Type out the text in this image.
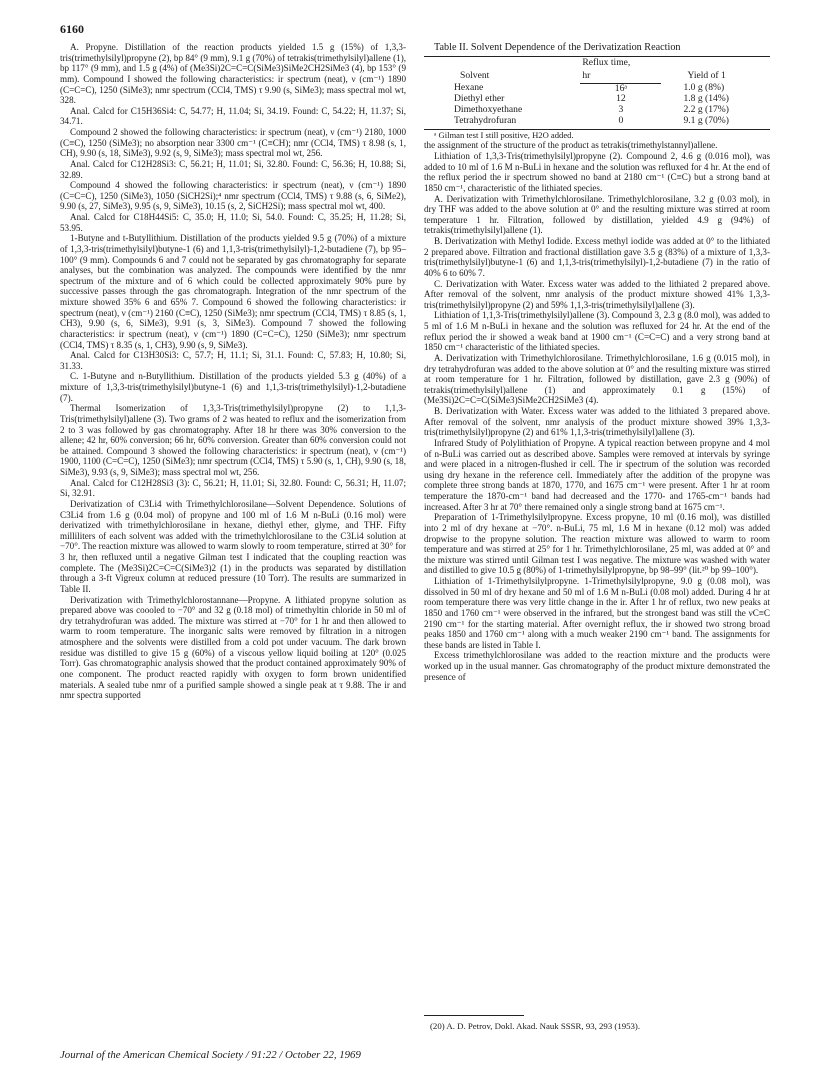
6160

A. Propyne. Distillation of the reaction products yielded 1.5 g (15%) of 1,3,3-tris(trimethylsilyl)propyne (2), bp 84° (9 mm), 9.1 g (70%) of tetrakis(trimethylsilyl)allene (1), bp 117° (9 mm), and 1.5 g (4%) of (Me3Si)2C=C=C(SiMe3)SiMe2CH2SiMe3 (4), bp 153° (9 mm). Compound I showed the following characteristics: ir spectrum (neat), ν (cm⁻¹) 1890 (C=C=C), 1250 (SiMe3); nmr spectrum (CCl4, TMS) τ 9.90 (s, SiMe3); mass spectral mol wt, 328.

Anal. Calcd for C15H36Si4: C, 54.77; H, 11.04; Si, 34.19. Found: C, 54.22; H, 11.37; Si, 34.71.

Compound 2 showed the following characteristics: ir spectrum (neat), ν (cm⁻¹) 2180, 1000 (C≡C), 1250 (SiMe3); no absorption near 3300 cm⁻¹ (C≡CH); nmr (CCl4, TMS) τ 8.98 (s, 1, CH), 9.90 (s, 18, SiMe3), 9.92 (s, 9, SiMe3); mass spectral mol wt, 256.

Anal. Calcd for C12H28Si3: C, 56.21; H, 11.01; Si, 32.80. Found: C, 56.36; H, 10.88; Si, 32.89.

Compound 4 showed the following characteristics: ir spectrum (neat), ν (cm⁻¹) 1890 (C=C=C), 1250 (SiMe3), 1050 (SiCH2Si);⁴ nmr spectrum (CCl4, TMS) τ 9.88 (s, 6, SiMe2), 9.90 (s, 27, SiMe3), 9.95 (s, 9, SiMe3), 10.15 (s, 2, SiCH2Si); mass spectral mol wt, 400.

Anal. Calcd for C18H44Si5: C, 35.0; H, 11.0; Si, 54.0. Found: C, 35.25; H, 11.28; Si, 53.95.

1-Butyne and t-Butyllithium. Distillation of the products yielded 9.5 g (70%) of a mixture of 1,3,3-tris(trimethylsilyl)butyne-1 (6) and 1,1,3-tris(trimethylsilyl)-1,2-butadiene (7), bp 95–100° (9 mm). Compounds 6 and 7 could not be separated by gas chromatography for separate analyses, but the combination was analyzed. The compounds were identified by the nmr spectrum of the mixture and of 6 which could be collected approximately 90% pure by successive passes through the gas chromatograph. Integration of the nmr spectrum of the mixture showed 35% 6 and 65% 7. Compound 6 showed the following characteristics: ir spectrum (neat), ν (cm⁻¹) 2160 (C≡C), 1250 (SiMe3); nmr spectrum (CCl4, TMS) τ 8.85 (s, 1, CH3), 9.90 (s, 6, SiMe3), 9.91 (s, 3, SiMe3). Compound 7 showed the following characteristics: ir spectrum (neat), ν (cm⁻¹) 1890 (C=C=C), 1250 (SiMe3); nmr spectrum (CCl4, TMS) τ 8.35 (s, 1, CH3), 9.90 (s, 9, SiMe3).

Anal. Calcd for C13H30Si3: C, 57.7; H, 11.1; Si, 31.1. Found: C, 57.83; H, 10.80; Si, 31.33.

C. 1-Butyne and n-Butyllithium. Distillation of the products yielded 5.3 g (40%) of a mixture of 1,3,3-tris(trimethylsilyl)butyne-1 (6) and 1,1,3-tris(trimethylsilyl)-1,2-butadiene (7).

Thermal Isomerization of 1,3,3-Tris(trimethylsilyl)propyne (2) to 1,1,3-Tris(trimethylsilyl)allene (3). Two grams of 2 was heated to reflux and the isomerization from 2 to 3 was followed by gas chromatography. After 18 hr there was 30% conversion to the allene; 42 hr, 60% conversion; 66 hr, 60% conversion. Greater than 60% conversion could not be attained. Compound 3 showed the following characteristics: ir spectrum (neat), ν (cm⁻¹) 1900, 1100 (C=C=C), 1250 (SiMe3); nmr spectrum (CCl4, TMS) τ 5.90 (s, 1, CH), 9.90 (s, 18, SiMe3), 9.93 (s, 9, SiMe3); mass spectral mol wt, 256.

Anal. Calcd for C12H28Si3 (3): C, 56.21; H, 11.01; Si, 32.80. Found: C, 56.31; H, 11.07; Si, 32.91.

Derivatization of C3Li4 with Trimethylchlorosilane—Solvent Dependence. Solutions of C3Li4 from 1.6 g (0.04 mol) of propyne and 100 ml of 1.6 M n-BuLi (0.16 mol) were derivatized with trimethylchlorosilane in hexane, diethyl ether, glyme, and THF. Fifty milliliters of each solvent was added with the trimethylchlorosilane to the C3Li4 solution at −70°. The reaction mixture was allowed to warm slowly to room temperature, stirred at 30° for 3 hr, then refluxed until a negative Gilman test I indicated that the coupling reaction was complete. The (Me3Si)2C=C=C(SiMe3)2 (1) in the products was separated by distillation through a 3-ft Vigreux column at reduced pressure (10 Torr). The results are summarized in Table II.

Derivatization with Trimethylchlorostannane—Propyne. A lithiated propyne solution as prepared above was coooled to −70° and 32 g (0.18 mol) of trimethyltin chloride in 50 ml of dry tetrahydrofuran was added. The mixture was stirred at −70° for 1 hr and then allowed to warm to room temperature. The inorganic salts were removed by filtration in a nitrogen atmosphere and the solvents were distilled from a cold pot under vacuum. The dark brown residue was distilled to give 15 g (60%) of a viscous yellow liquid boiling at 120° (0.025 Torr). Gas chromatographic analysis showed that the product contained approximately 90% of one component. The product reacted rapidly with oxygen to form brown unidentified materials. A sealed tube nmr of a purified sample showed a single peak at τ 9.88. The ir and nmr spectra supported

Table II. Solvent Dependence of the Derivatization Reaction

Solvent	Reflux time,	Yield of 1
	hr	
Hexane	16ᵃ	1.0 g (8%)
Diethyl ether	12	1.8 g (14%)
Dimethoxyethane	3	2.2 g (17%)
Tetrahydrofuran	0	9.1 g (70%)

ᵃ Gilman test I still positive, H2O added.

the assignment of the structure of the product as tetrakis(trimethylstannyl)allene.

Lithiation of 1,3,3-Tris(trimethylsilyl)propyne (2). Compound 2, 4.6 g (0.016 mol), was added to 10 ml of 1.6 M n-BuLi in hexane and the solution was refluxed for 4 hr. At the end of the reflux period the ir spectrum showed no band at 2180 cm⁻¹ (C≡C) but a strong band at 1850 cm⁻¹, characteristic of the lithiated species.

A. Derivatization with Trimethylchlorosilane. Trimethylchlorosilane, 3.2 g (0.03 mol), in dry THF was added to the above solution at 0° and the resulting mixture was stirred at room temperature 1 hr. Filtration, followed by distillation, yielded 4.9 g (94%) of tetrakis(trimethylsilyl)allene (1).

B. Derivatization with Methyl Iodide. Excess methyl iodide was added at 0° to the lithiated 2 prepared above. Filtration and fractional distillation gave 3.5 g (83%) of a mixture of 1,3,3-tris(trimethylsilyl)butyne-1 (6) and 1,1,3-tris(trimethylsilyl)-1,2-butadiene (7) in the ratio of 40% 6 to 60% 7.

C. Derivatization with Water. Excess water was added to the lithiated 2 prepared above. After removal of the solvent, nmr analysis of the product mixture showed 41% 1,3,3-tris(trimethylsilyl)propyne (2) and 59% 1,1,3-tris(trimethylsilyl)allene (3).

Lithiation of 1,1,3-Tris(trimethylsilyl)allene (3). Compound 3, 2.3 g (8.0 mol), was added to 5 ml of 1.6 M n-BuLi in hexane and the solution was refluxed for 24 hr. At the end of the reflux period the ir showed a weak band at 1900 cm⁻¹ (C=C=C) and a very strong band at 1850 cm⁻¹ characteristic of the lithiated species.

A. Derivatization with Trimethylchlorosilane. Trimethylchlorosilane, 1.6 g (0.015 mol), in dry tetrahydrofuran was added to the above solution at 0° and the resulting mixture was stirred at room temperature for 1 hr. Filtration, followed by distillation, gave 2.3 g (90%) of tetrakis(trimethylsilyl)allene (1) and approximately 0.1 g (15%) of (Me3Si)2C=C=C(SiMe3)SiMe2CH2SiMe3 (4).

B. Derivatization with Water. Excess water was added to the lithiated 3 prepared above. After removal of the solvent, nmr analysis of the product mixture showed 39% 1,3,3-tris(trimethylsilyl)propyne (2) and 61% 1,1,3-tris(trimethylsilyl)allene (3).

Infrared Study of Polylithiation of Propyne. A typical reaction between propyne and 4 mol of n-BuLi was carried out as described above. Samples were removed at intervals by syringe and were placed in a nitrogen-flushed ir cell. The ir spectrum of the solution was recorded using dry hexane in the reference cell. Immediately after the addition of the propyne was complete three strong bands at 1870, 1770, and 1675 cm⁻¹ were present. After 1 hr at room temperature the 1870-cm⁻¹ band had decreased and the 1770- and 1765-cm⁻¹ bands had increased. After 3 hr at 70° there remained only a single strong band at 1675 cm⁻¹.

Preparation of 1-Trimethylsilylpropyne. Excess propyne, 10 ml (0.16 mol), was distilled into 2 ml of dry hexane at −70°. n-BuLi, 75 ml, 1.6 M in hexane (0.12 mol) was added dropwise to the propyne solution. The reaction mixture was allowed to warm to room temperature and was stirred at 25° for 1 hr. Trimethylchlorosilane, 25 ml, was added at 0° and the mixture was stirred until Gilman test I was negative. The mixture was washed with water and distilled to give 10.5 g (80%) of 1-trimethylsilylpropyne, bp 98–99° (lit.²⁰ bp 99–100°).

Lithiation of 1-Trimethylsilylpropyne. 1-Trimethylsilylpropyne, 9.0 g (0.08 mol), was dissolved in 50 ml of dry hexane and 50 ml of 1.6 M n-BuLi (0.08 mol) added. During 4 hr at room temperature there was very little change in the ir. After 1 hr of reflux, two new peaks at 1850 and 1760 cm⁻¹ were observed in the infrared, but the strongest band was still the νC≡C 2190 cm⁻¹ for the starting material. After overnight reflux, the ir showed two strong broad peaks 1850 and 1760 cm⁻¹ along with a much weaker 2190 cm⁻¹ band. The assignments for these bands are listed in Table I.

Excess trimethylchlorosilane was added to the reaction mixture and the products were worked up in the usual manner. Gas chromatography of the product mixture demonstrated the presence of

(20) A. D. Petrov, Dokl. Akad. Nauk SSSR, 93, 293 (1953).
Journal of the American Chemical Society / 91:22 / October 22, 1969
